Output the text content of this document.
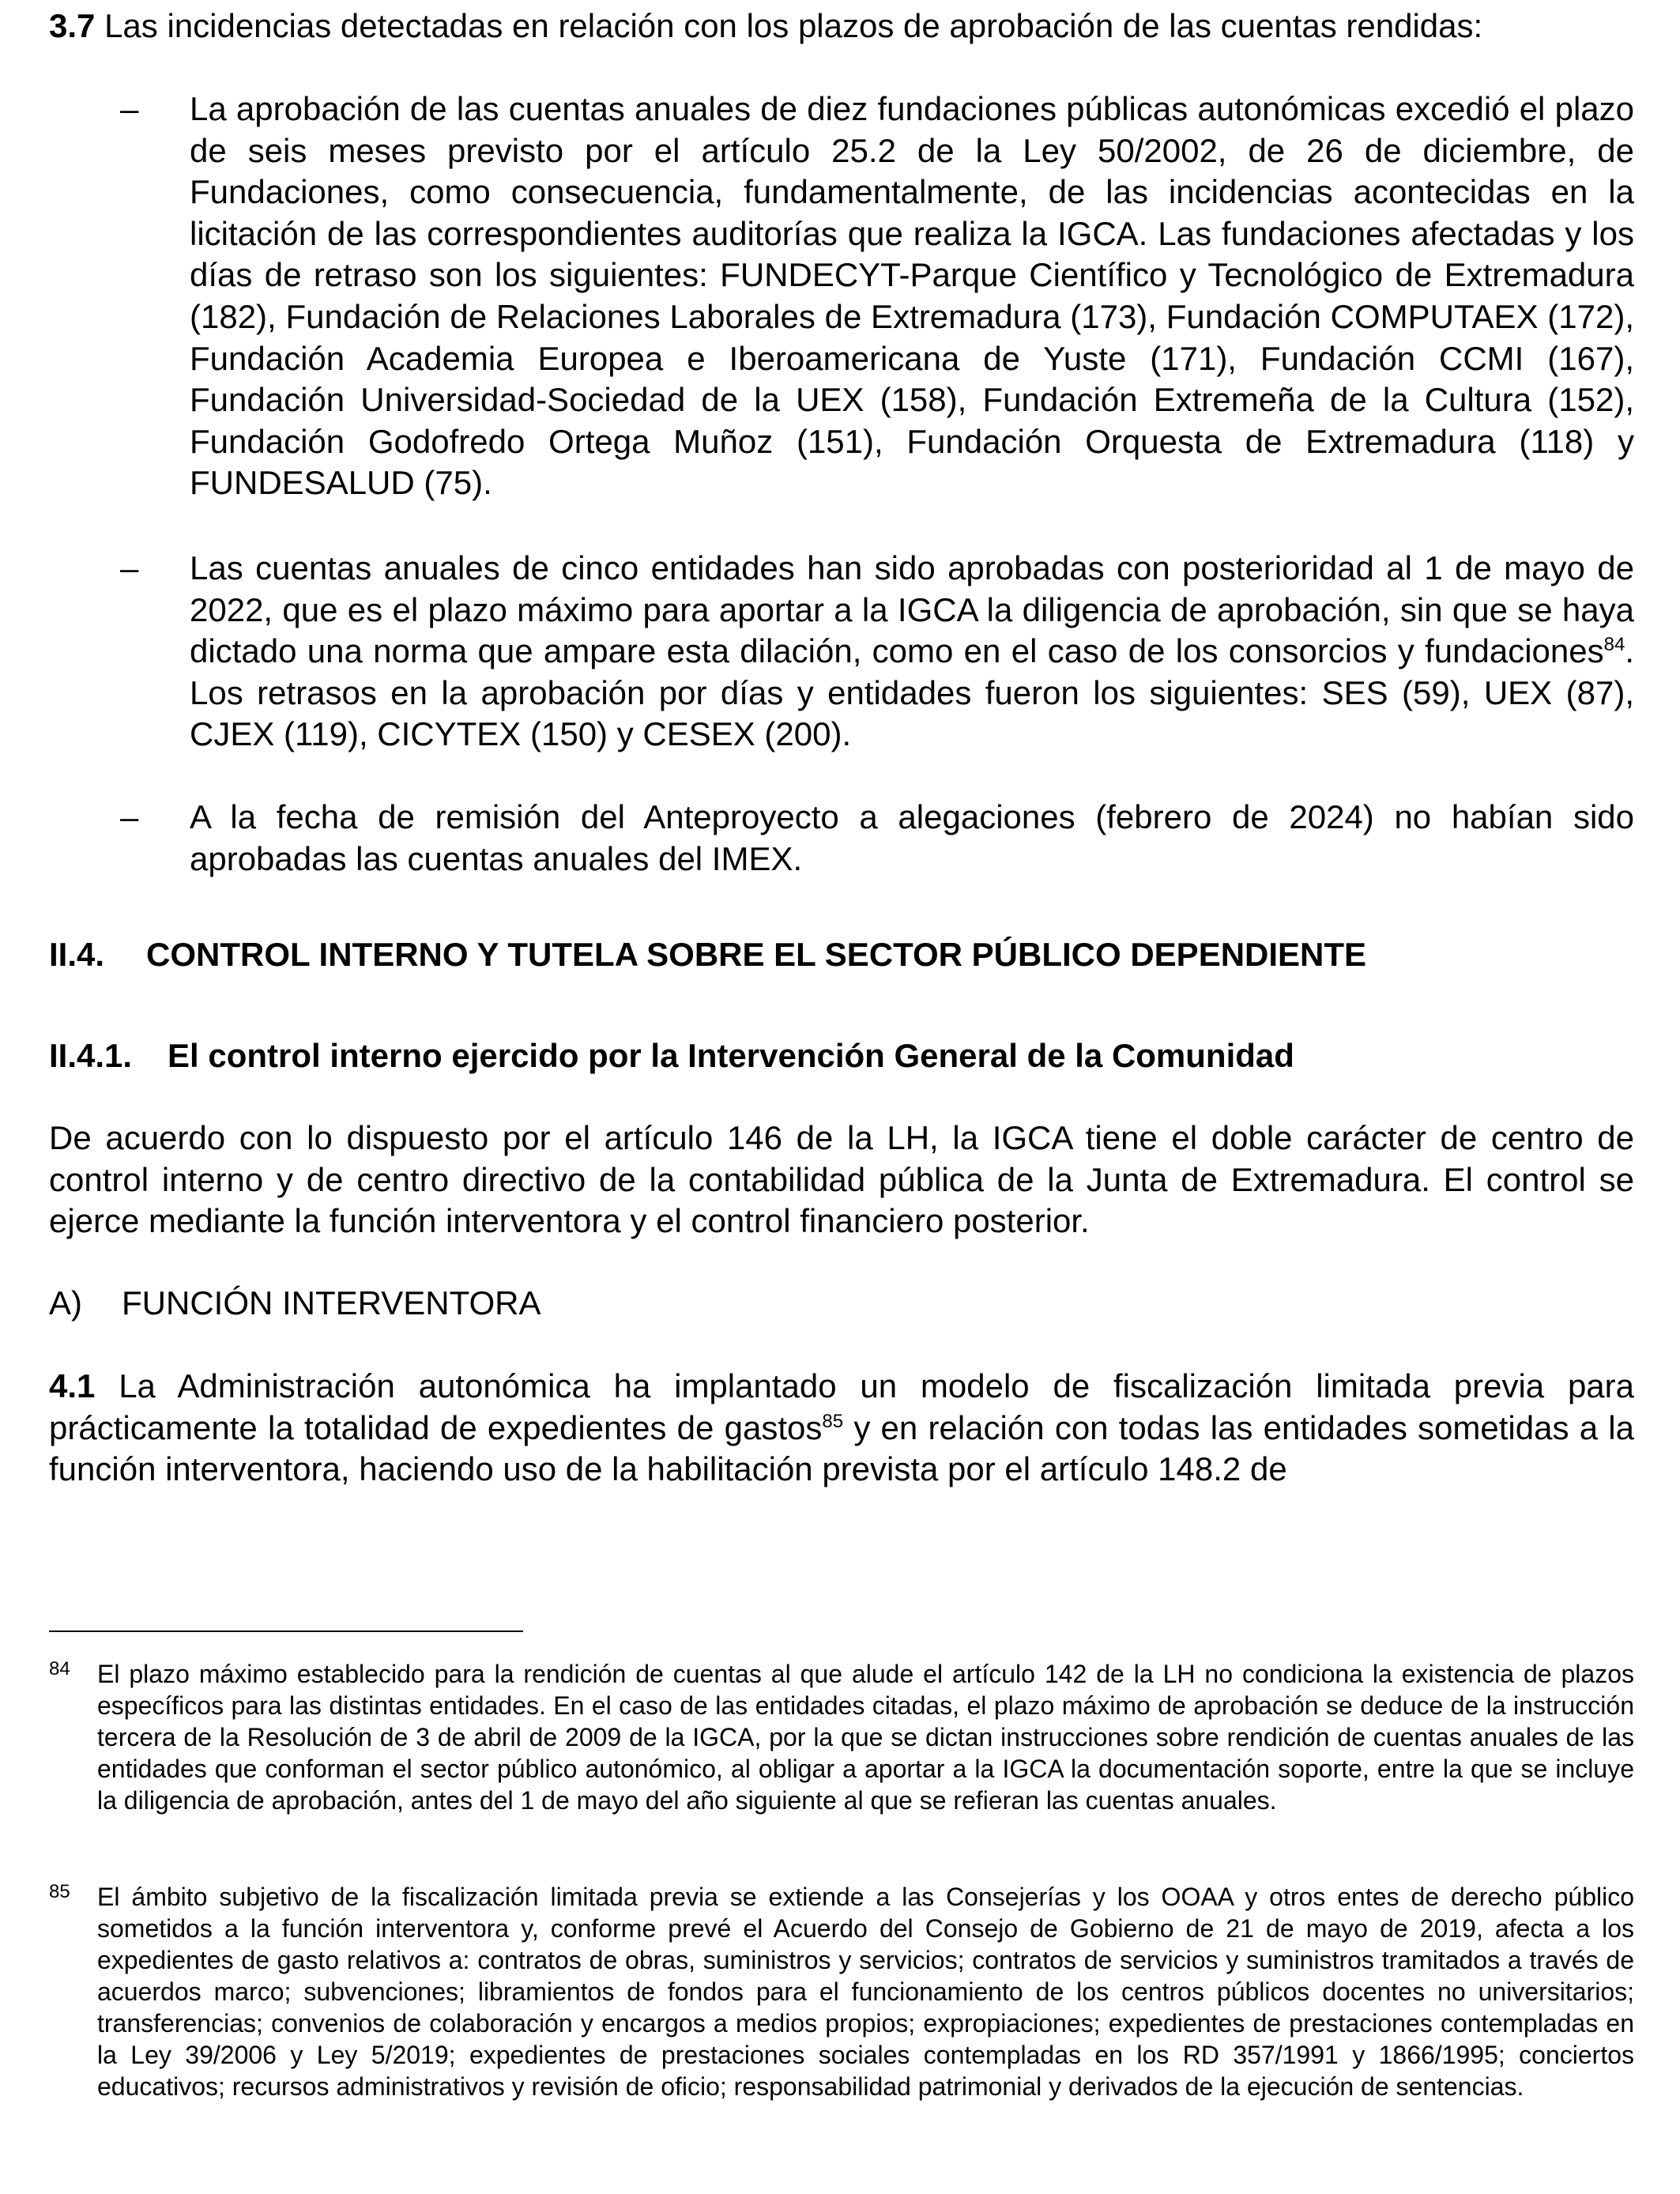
3.7 Las incidencias detectadas en relación con los plazos de aprobación de las cuentas rendidas:

– La aprobación de las cuentas anuales de diez fundaciones públicas autonómicas excedió el plazo de seis meses previsto por el artículo 25.2 de la Ley 50/2002, de 26 de diciembre, de Fundaciones, como consecuencia, fundamentalmente, de las incidencias acontecidas en la licitación de las correspondientes auditorías que realiza la IGCA. Las fundaciones afectadas y los días de retraso son los siguientes: FUNDECYT-Parque Científico y Tecnológico de Extremadura (182), Fundación de Relaciones Laborales de Extremadura (173), Fundación COMPUTAEX (172), Fundación Academia Europea e Iberoamericana de Yuste (171), Fundación CCMI (167), Fundación Universidad-Sociedad de la UEX (158), Fundación Extremeña de la Cultura (152), Fundación Godofredo Ortega Muñoz (151), Fundación Orquesta de Extremadura (118) y FUNDESALUD (75).
– Las cuentas anuales de cinco entidades han sido aprobadas con posterioridad al 1 de mayo de 2022, que es el plazo máximo para aportar a la IGCA la diligencia de aprobación, sin que se haya dictado una norma que ampare esta dilación, como en el caso de los consorcios y fundaciones$^{84}$. Los retrasos en la aprobación por días y entidades fueron los siguientes: SES (59), UEX (87), CJEX (119), CICYTEX (150) y CESEX (200).
– A la fecha de remisión del Anteproyecto a alegaciones (febrero de 2024) no habían sido aprobadas las cuentas anuales del IMEX.
II.4. CONTROL INTERNO Y TUTELA SOBRE EL SECTOR PÚBLICO DEPENDIENTE
II.4.1. El control interno ejercido por la Intervención General de la Comunidad

De acuerdo con lo dispuesto por el artículo 146 de la LH, la IGCA tiene el doble carácter de centro de control interno y de centro directivo de la contabilidad pública de la Junta de Extremadura. El control se ejerce mediante la función interventora y el control financiero posterior.

A) FUNCIÓN INTERVENTORA

4.1 La Administración autonómica ha implantado un modelo de fiscalización limitada previa para prácticamente la totalidad de expedientes de gastos$^{85}$ y en relación con todas las entidades sometidas a la función interventora, haciendo uso de la habilitación prevista por el artículo 148.2 de

84 El plazo máximo establecido para la rendición de cuentas al que alude el artículo 142 de la LH no condiciona la existencia de plazos específicos para las distintas entidades. En el caso de las entidades citadas, el plazo máximo de aprobación se deduce de la instrucción tercera de la Resolución de 3 de abril de 2009 de la IGCA, por la que se dictan instrucciones sobre rendición de cuentas anuales de las entidades que conforman el sector público autonómico, al obligar a aportar a la IGCA la documentación soporte, entre la que se incluye la diligencia de aprobación, antes del 1 de mayo del año siguiente al que se refieran las cuentas anuales.
85 El ámbito subjetivo de la fiscalización limitada previa se extiende a las Consejerías y los OOAA y otros entes de derecho público sometidos a la función interventora y, conforme prevé el Acuerdo del Consejo de Gobierno de 21 de mayo de 2019, afecta a los expedientes de gasto relativos a: contratos de obras, suministros y servicios; contratos de servicios y suministros tramitados a través de acuerdos marco; subvenciones; libramientos de fondos para el funcionamiento de los centros públicos docentes no universitarios; transferencias; convenios de colaboración y encargos a medios propios; expropiaciones; expedientes de prestaciones contempladas en la Ley 39/2006 y Ley 5/2019; expedientes de prestaciones sociales contempladas en los RD 357/1991 y 1866/1995; conciertos educativos; recursos administrativos y revisión de oficio; responsabilidad patrimonial y derivados de la ejecución de sentencias.
